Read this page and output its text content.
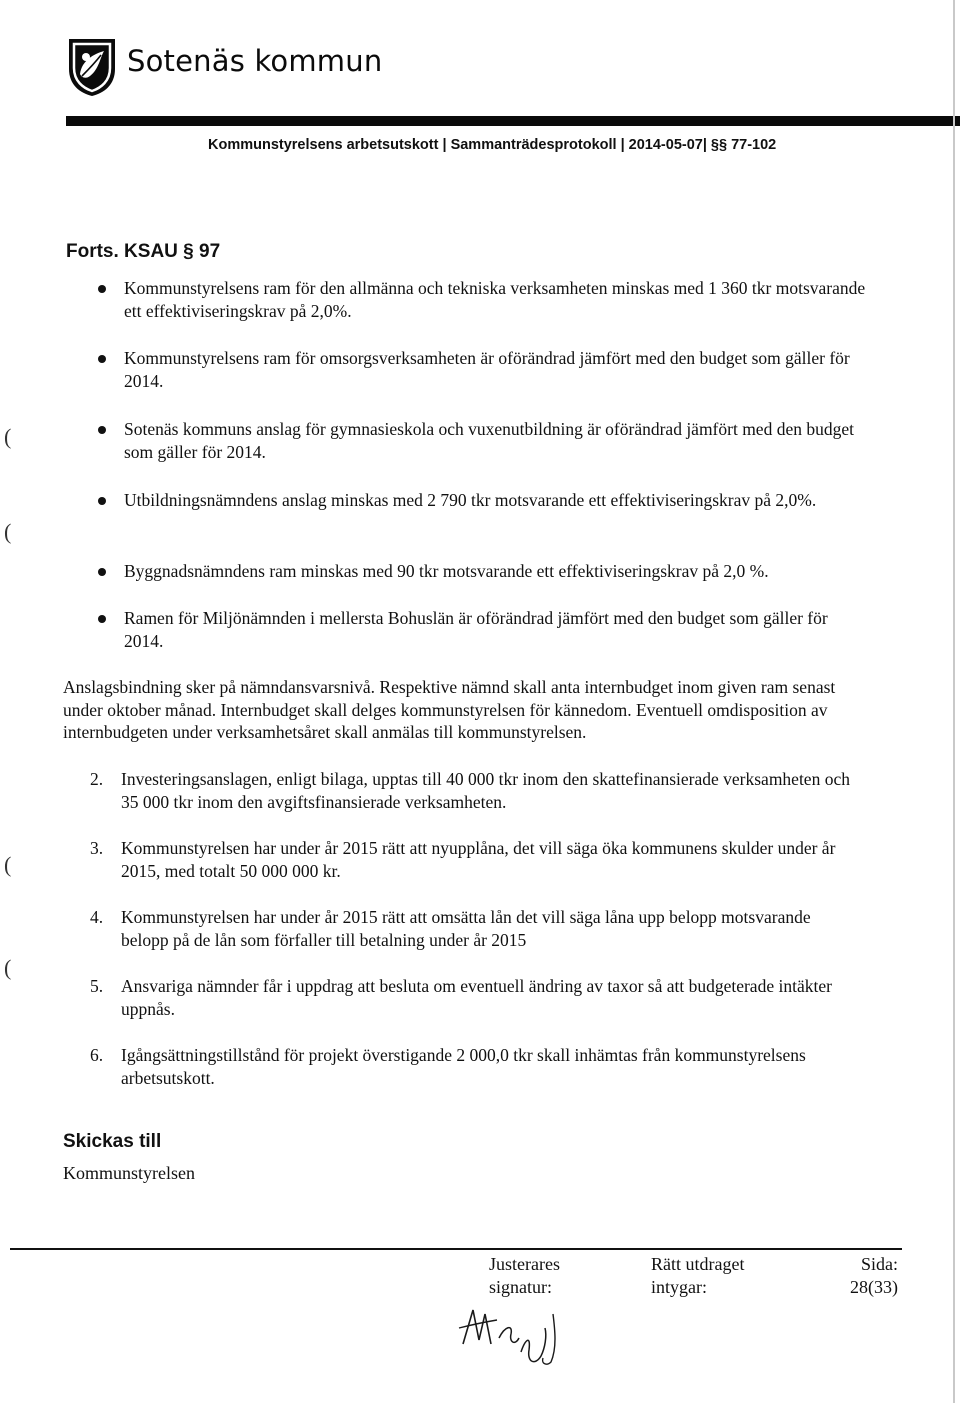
Sotenäs kommun
Kommunstyrelsens arbetsutskott | Sammanträdesprotokoll | 2014-05-07| §§ 77-102
Forts. KSAU § 97
Kommunstyrelsens ram för den allmänna och tekniska verksamheten minskas med 1 360 tkr motsvarande ett effektiviseringskrav på 2,0%.
Kommunstyrelsens ram för omsorgsverksamheten är oförändrad jämfört med den budget som gäller för 2014.
Sotenäs kommuns anslag för gymnasieskola och vuxenutbildning är oförändrad jämfört med den budget som gäller för 2014.
Utbildningsnämndens anslag minskas med 2 790 tkr motsvarande ett effektiviseringskrav på 2,0%.
Byggnadsnämndens ram minskas med 90 tkr motsvarande ett effektiviseringskrav på 2,0 %.
Ramen för Miljönämnden i mellersta Bohuslän är oförändrad jämfört med den budget som gäller för 2014.
Anslagsbindning sker på nämndansvarsnivå. Respektive nämnd skall anta internbudget inom given ram senast under oktober månad. Internbudget skall delges kommunstyrelsen för kännedom. Eventuell omdisposition av internbudgeten under verksamhetsåret skall anmälas till kommunstyrelsen.
2. Investeringsanslagen, enligt bilaga, upptas till 40 000 tkr inom den skattefinansierade verksamheten och 35 000 tkr inom den avgiftsfinansierade verksamheten.
3. Kommunstyrelsen har under år 2015 rätt att nyupplåna, det vill säga öka kommunens skulder under år 2015, med totalt 50 000 000 kr.
4. Kommunstyrelsen har under år 2015 rätt att omsätta lån det vill säga låna upp belopp motsvarande belopp på de lån som förfaller till betalning under år 2015
5. Ansvariga nämnder får i uppdrag att besluta om eventuell ändring av taxor så att budgeterade intäkter uppnås.
6. Igångsättningstillstånd för projekt överstigande 2 000,0 tkr skall inhämtas från kommunstyrelsens arbetsutskott.
Skickas till
Kommunstyrelsen
Justerares
signatur:
Rätt utdraget
intygar:
Sida:
28(33)
(
(
(
(
